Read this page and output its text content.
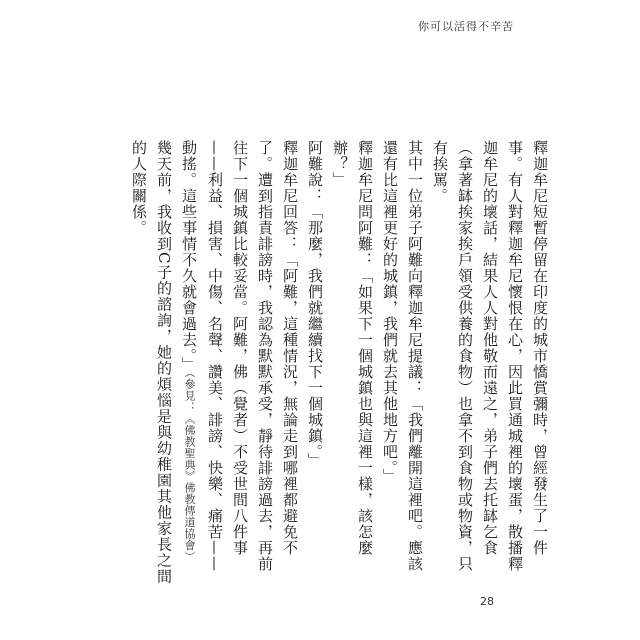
你可以活得不辛苦

釋迦牟尼短暫停留在印度的城市憍賞彌時，曾經發生了一件事。有人對釋迦牟尼懷恨在心，因此買通城裡的壞蛋，散播釋迦牟尼的壞話，結果人人對他敬而遠之，弟子們去托缽乞食（拿著缽挨家挨戶領受供養的食物）也拿不到食物或物資，只有挨罵。

其中一位弟子阿難向釋迦牟尼提議：「我們離開這裡吧。應該還有比這裡更好的城鎮，我們就去其他地方吧。」

釋迦牟尼問阿難：「如果下一個城鎮也與這裡一樣，該怎麼辦？」

阿難說：「那麼，我們就繼續找下一個城鎮。」

釋迦牟尼回答：「阿難，這種情況，無論走到哪裡都避免不了。遭到指責誹謗時，我認為默默承受，靜待誹謗過去，再前往下一個城鎮比較妥當。阿難，佛（覺者）不受世間八件事——利益、損害、中傷、名聲、讚美、誹謗、快樂、痛苦——動搖。這些事情不久就會過去。」（參見：《佛教聖典》佛教傳道協會）

幾天前，我收到C子的諮詢，她的煩惱是與幼稚園其他家長之間的人際關係。

28
